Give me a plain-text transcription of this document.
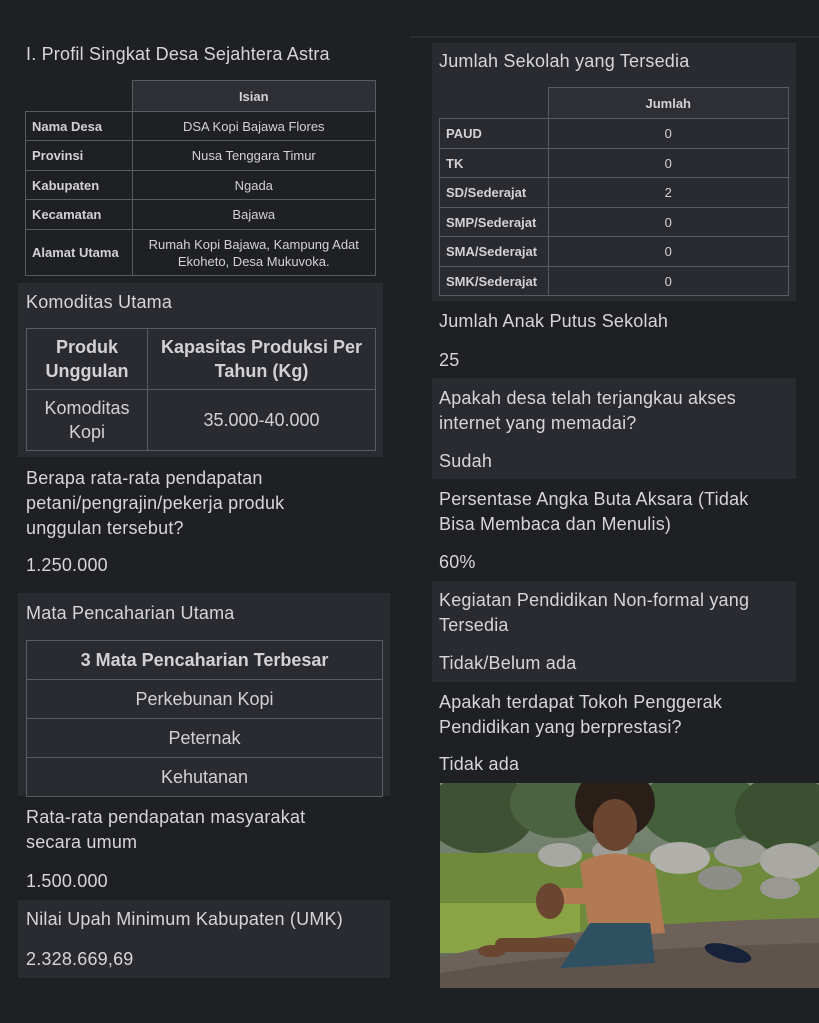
I. Profil Singkat Desa Sejahtera Astra
	Isian
Nama Desa	DSA Kopi Bajawa Flores
Provinsi	Nusa Tenggara Timur
Kabupaten	Ngada
Kecamatan	Bajawa
Alamat Utama	Rumah Kopi Bajawa, Kampung Adat Ekoheto, Desa Mukuvoka.
Komoditas Utama
Produk Unggulan	Kapasitas Produksi Per Tahun (Kg)
Komoditas Kopi	35.000-40.000
Berapa rata-rata pendapatan petani/pengrajin/pekerja produk unggulan tersebut?
1.250.000
Mata Pencaharian Utama
3 Mata Pencaharian Terbesar
Perkebunan Kopi
Peternak
Kehutanan
Rata-rata pendapatan masyarakat secara umum
1.500.000
Nilai Upah Minimum Kabupaten (UMK)
2.328.669,69
Jumlah Sekolah yang Tersedia
	Jumlah
PAUD	0
TK	0
SD/Sederajat	2
SMP/Sederajat	0
SMA/Sederajat	0
SMK/Sederajat	0
Jumlah Anak Putus Sekolah
25
Apakah desa telah terjangkau akses internet yang memadai?
Sudah
Persentase Angka Buta Aksara (Tidak Bisa Membaca dan Menulis)
60%
Kegiatan Pendidikan Non-formal yang Tersedia
Tidak/Belum ada
Apakah terdapat Tokoh Penggerak Pendidikan yang berprestasi?
Tidak ada
